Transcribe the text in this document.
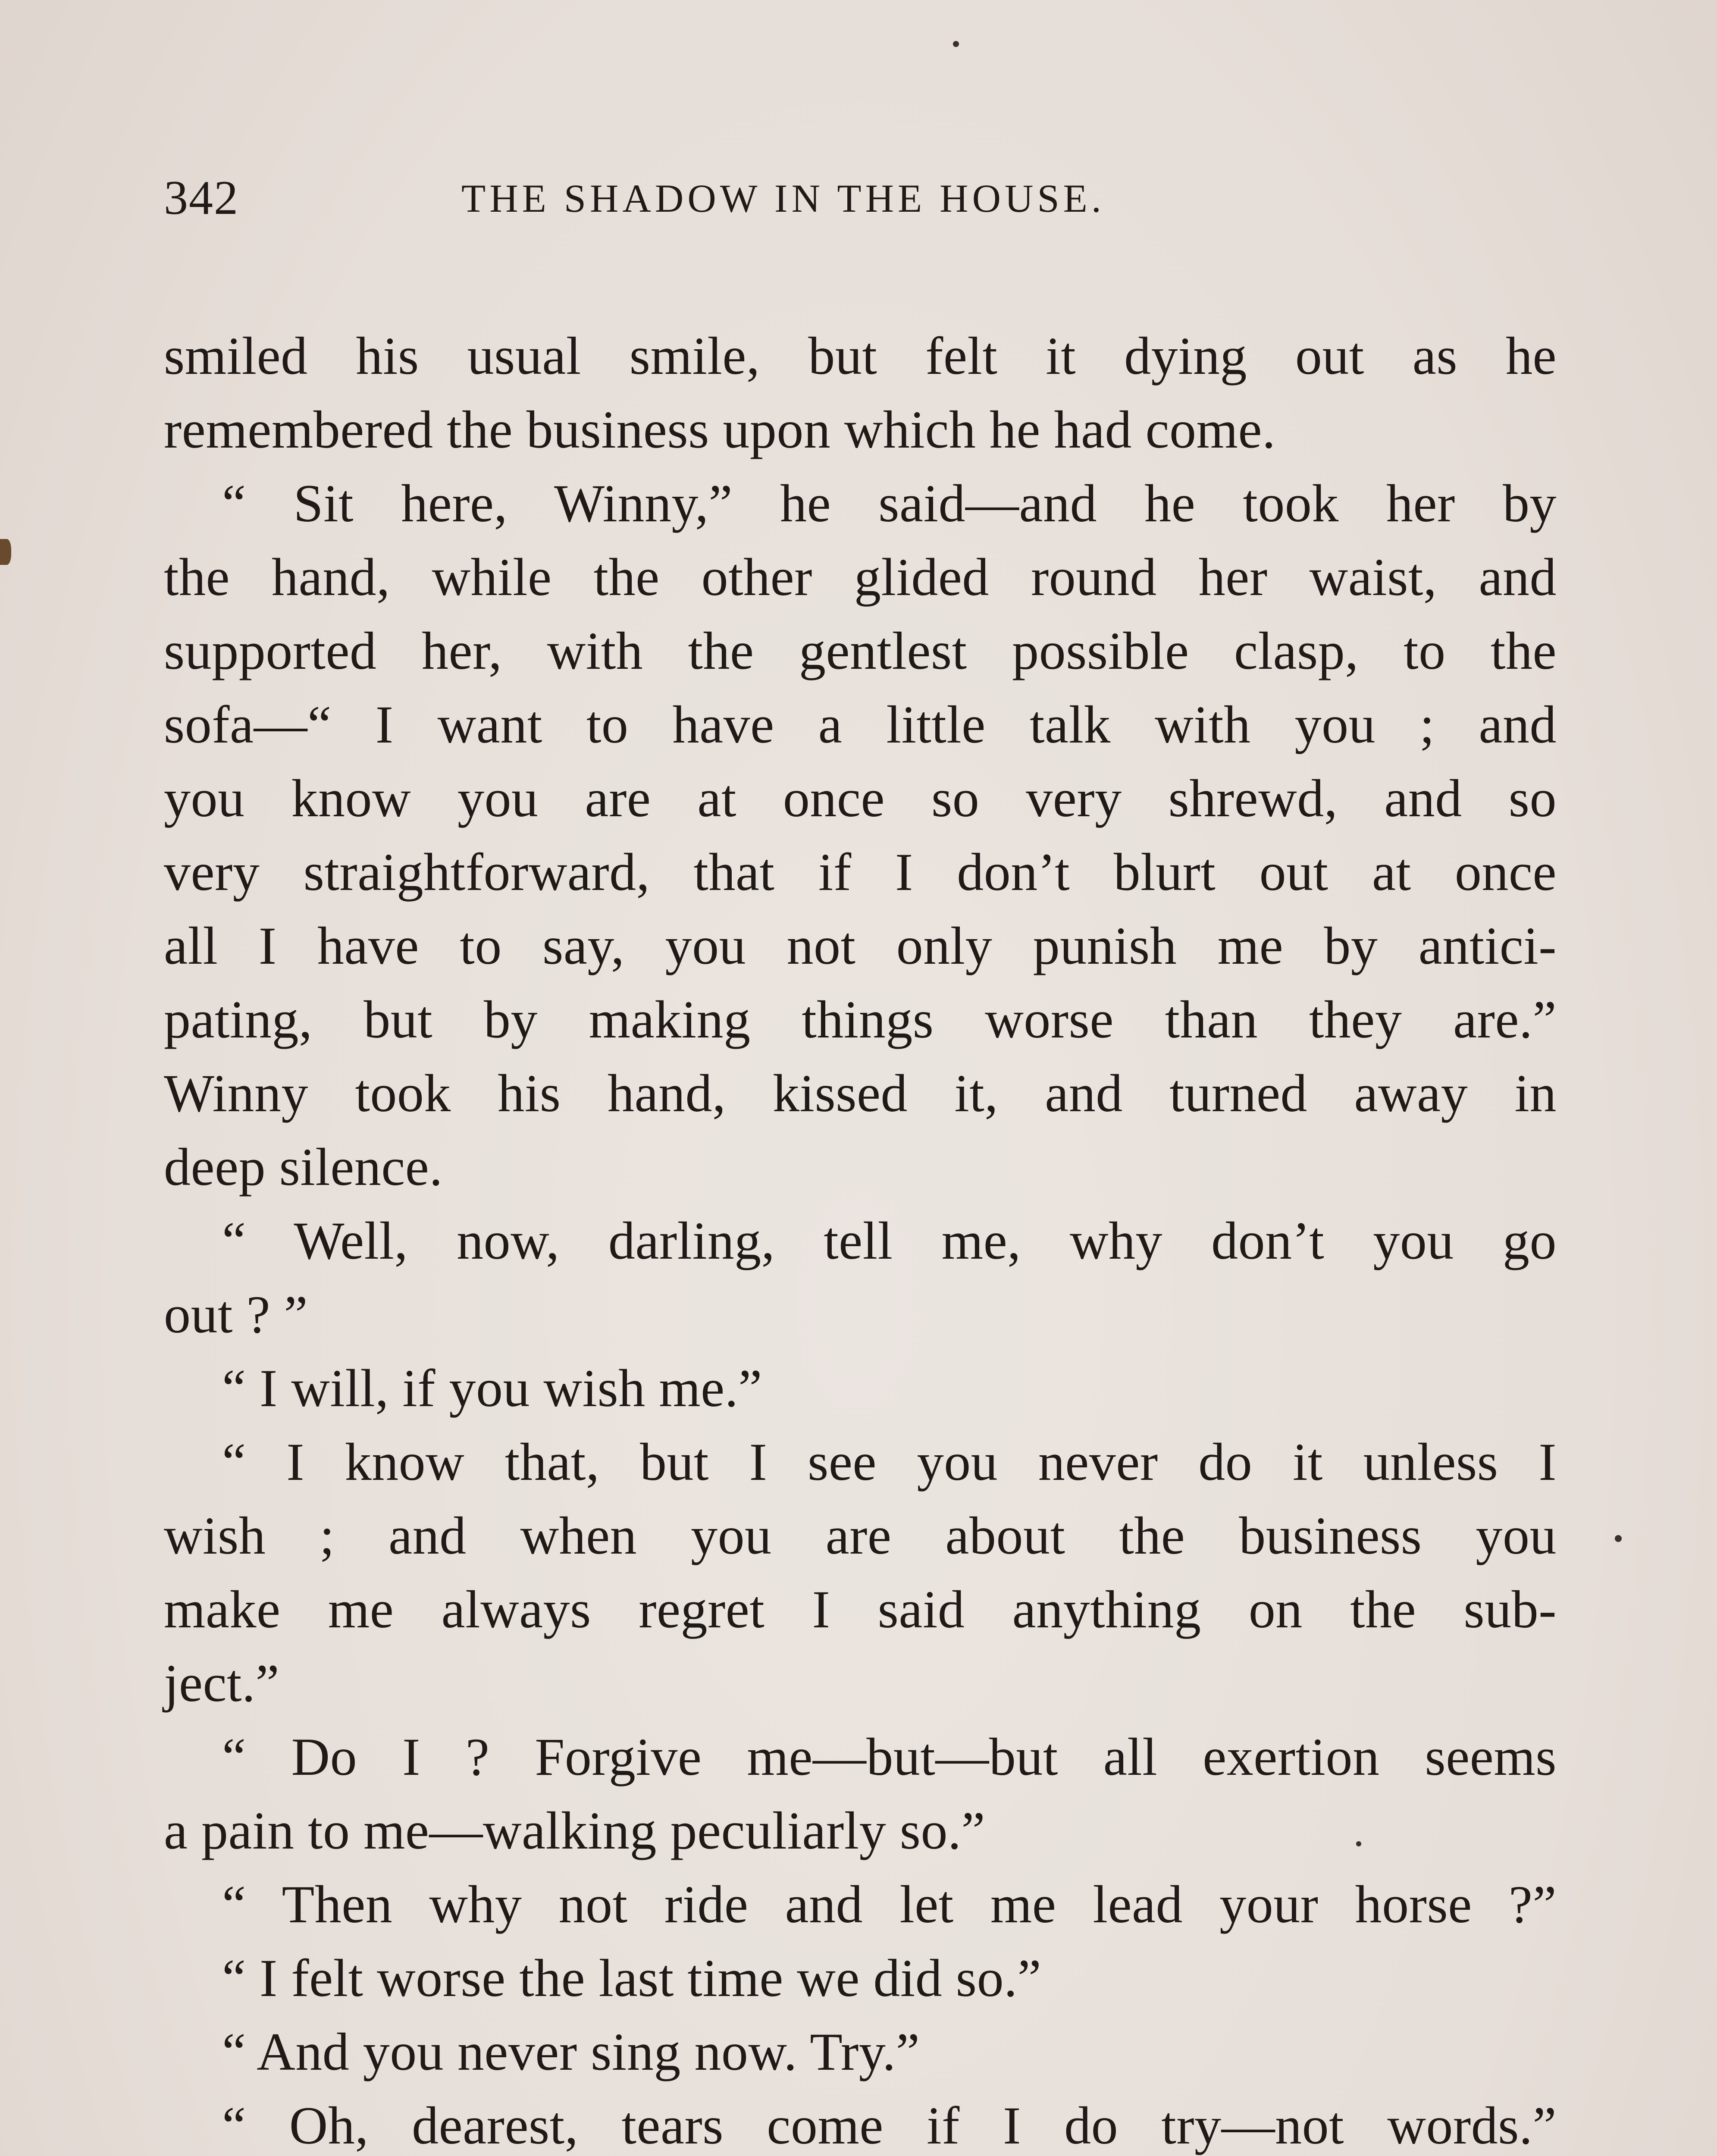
342	THE SHADOW IN THE HOUSE.
smiled his usual smile, but felt it dying out as he
remembered the business upon which he had come.
“ Sit here, Winny,” he said—and he took her by
the hand, while the other glided round her waist, and
supported her, with the gentlest possible clasp, to the
sofa—“ I want to have a little talk with you ; and
you know you are at once so very shrewd, and so
very straightforward, that if I don’t blurt out at once
all I have to say, you not only punish me by antici-
pating, but by making things worse than they are.”
Winny took his hand, kissed it, and turned away in
deep silence.
“ Well, now, darling, tell me, why don’t you go
out ? ”
“ I will, if you wish me.”
“ I know that, but I see you never do it unless I
wish ; and when you are about the business you
make me always regret I said anything on the sub-
ject.”
“ Do I ? Forgive me—but—but all exertion seems
a pain to me—walking peculiarly so.”
“ Then why not ride and let me lead your horse ?”
“ I felt worse the last time we did so.”
“ And you never sing now. Try.”
“ Oh, dearest, tears come if I do try—not words.”
